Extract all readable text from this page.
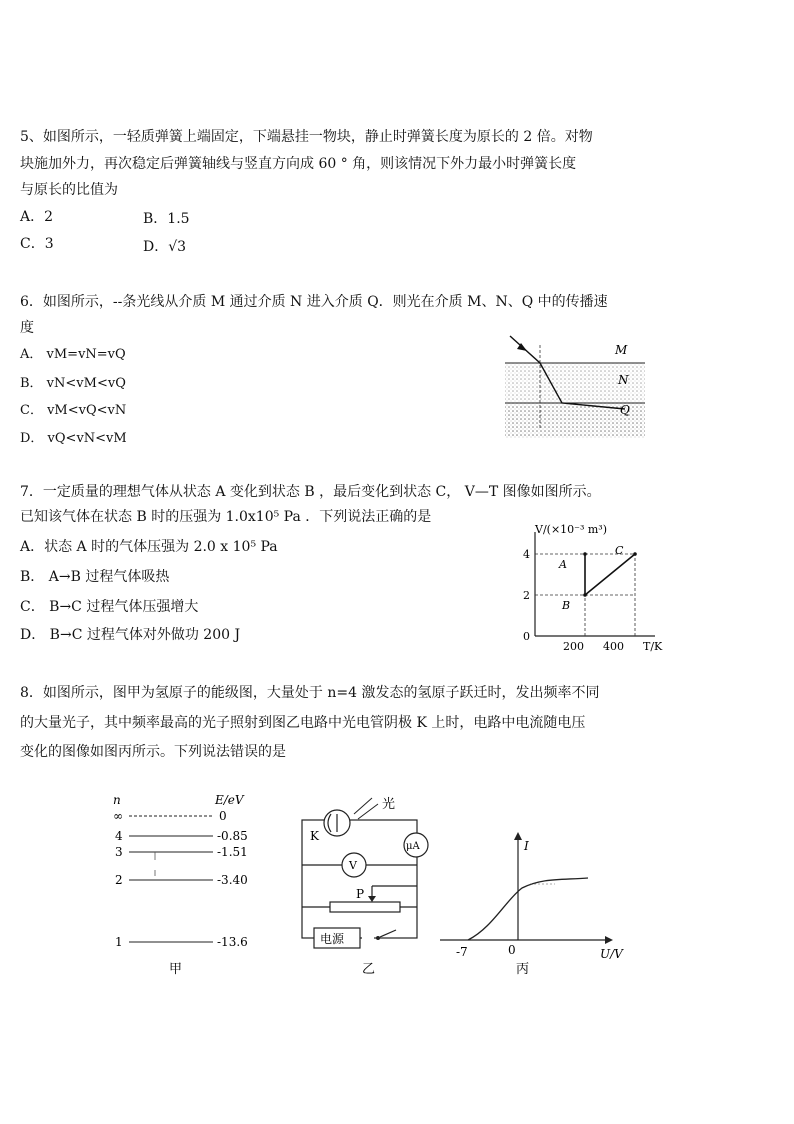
5、如图所示，一轻质弹簧上端固定，下端悬挂一物块，静止时弹簧长度为原长的 2 倍。对物
块施加外力，再次稳定后弹簧轴线与竖直方向成 60 ° 角，则该情况下外力最小时弹簧长度
与原长的比值为
A．2	B．1.5
C．3	D．√3
6．如图所示，--条光线从介质 M 通过介质 N 进入介质 Q．则光在介质 M、N、Q 中的传播速
度
A． vM=vN=vQ
B． vN<vM<vQ
C． vM<vQ<vN
D． vQ<vN<vM
M
N
Q
7．一定质量的理想气体从状态 A 变化到状态 B ，最后变化到状态 C， V—T 图像如图所示。
已知该气体在状态 B 时的压强为 1.0x10⁵ Pa ．下列说法正确的是
A．状态 A 时的气体压强为 2.0 x 10⁵ Pa
B． A→B 过程气体吸热
C． B→C 过程气体压强增大
D． B→C 过程气体对外做功 200 J
V/(×10⁻³ m³)
T/K
4
2
0
200 400
A
B
C
8．如图所示，图甲为氢原子的能级图，大量处于 n=4 激发态的氢原子跃迁时，发出频率不同
的大量光子，其中频率最高的光子照射到图乙电路中光电管阴极 K 上时，电路中电流随电压
变化的图像如图丙所示。下列说法错误的是
n	E/eV
∞	0
4	-0.85
3	-1.51
2	-3.40
1	-13.6
甲
K
光
μA
V
P
电源
乙
I
U/V
-7	0
丙
